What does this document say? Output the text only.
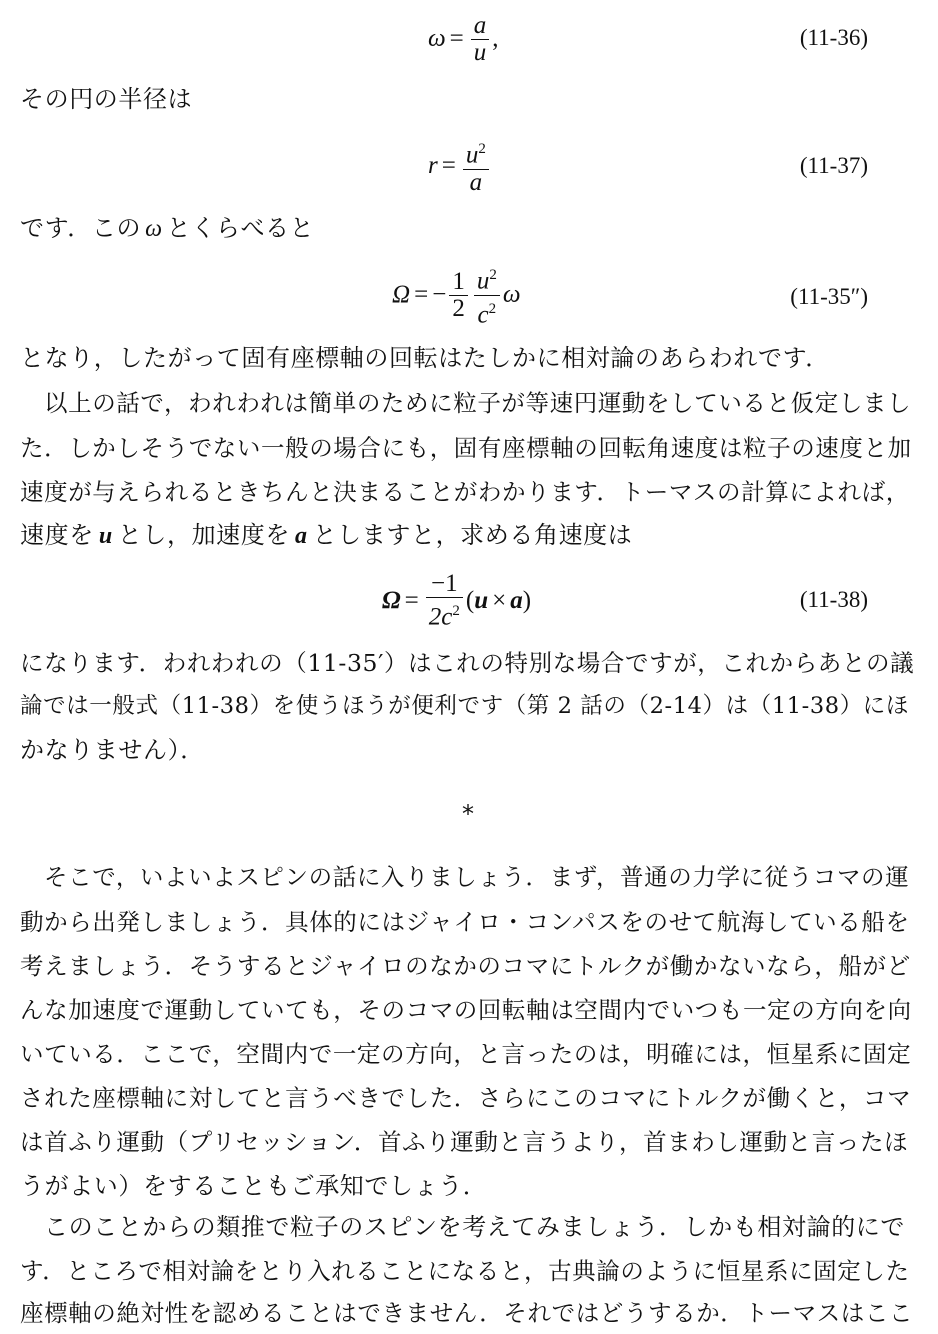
$\omega = \frac{a}{u}$ ,	(11-36)
その円の半径は
$r = \frac{u^2}{a}$	(11-37)
です．この ω とくらべると
Ω = − $\frac{1}{2} \frac{u^2}{c^2}$ ω	(11-35″)
となり，したがって固有座標軸の回転はたしかに相対論のあらわれです．
以上の話で，われわれは簡単のために粒子が等速円運動をしていると仮定しまし
た．しかしそうでない一般の場合にも，固有座標軸の回転角速度は粒子の速度と加
速度が与えられるときちんと決まることがわかります．トーマスの計算によれば，
速度を u とし，加速度を a としますと，求める角速度は
$\Omega = \frac{-1}{2c^2}$ ( u × a )	(11-38)
になります．われわれの（11-35′）はこれの特別な場合ですが，これからあとの議
論では一般式（11-38）を使うほうが便利です（第 2 話の（2-14）は（11-38）にほ
かなりません）．
*
そこで，いよいよスピンの話に入りましょう．まず，普通の力学に従うコマの運
動から出発しましょう．具体的にはジャイロ・コンパスをのせて航海している船を
考えましょう．そうするとジャイロのなかのコマにトルクが働かないなら，船がど
んな加速度で運動していても，そのコマの回転軸は空間内でいつも一定の方向を向
いている．ここで，空間内で一定の方向，と言ったのは，明確には，恒星系に固定
された座標軸に対してと言うべきでした．さらにこのコマにトルクが働くと，コマ
は首ふり運動（プリセッション．首ふり運動と言うより，首まわし運動と言ったほ
うがよい）をすることもご承知でしょう．
このことからの類推で粒子のスピンを考えてみましょう．しかも相対論的にで
す．ところで相対論をとり入れることになると，古典論のように恒星系に固定した
座標軸の絶対性を認めることはできません．それではどうするか．トーマスはここ
